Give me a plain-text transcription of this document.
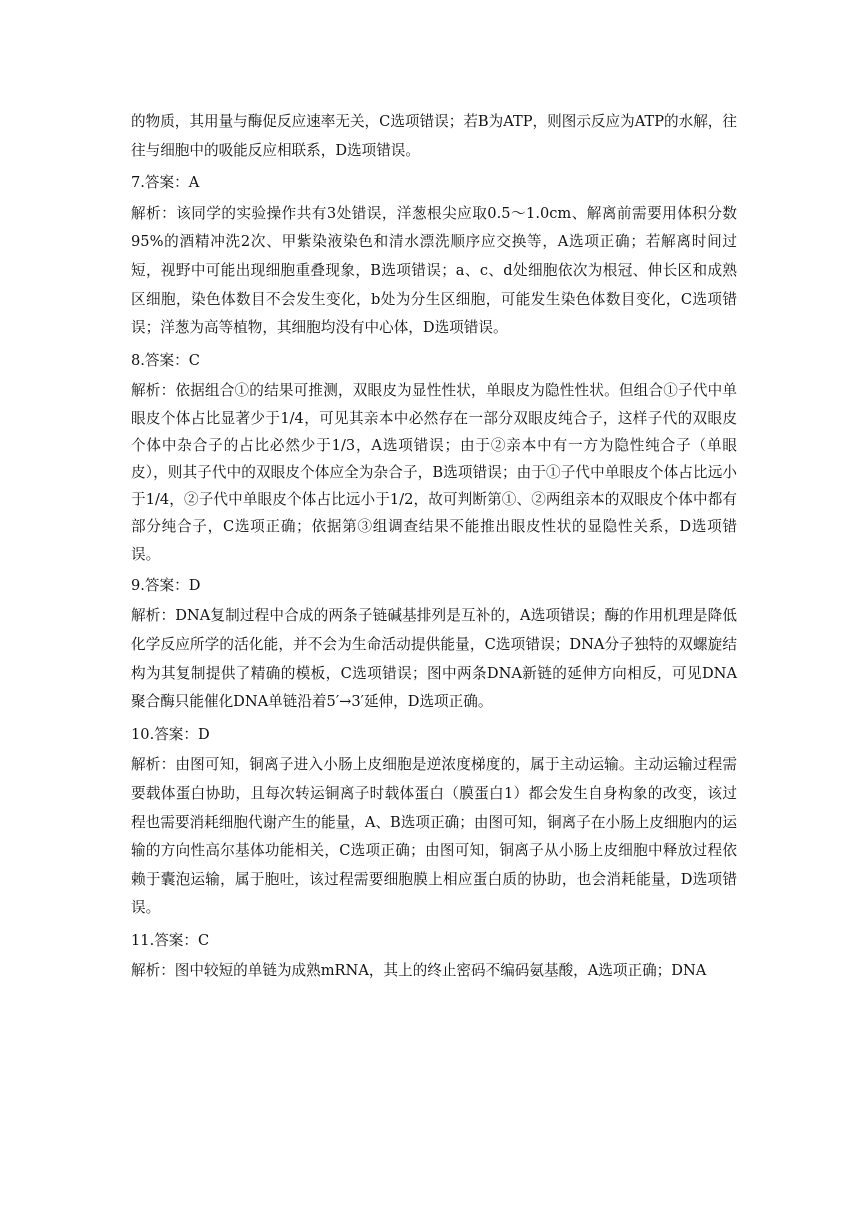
的物质，其用量与酶促反应速率无关，C选项错误；若B为ATP，则图示反应为ATP的水解，往往与细胞中的吸能反应相联系，D选项错误。

7.答案：A

解析：该同学的实验操作共有3处错误，洋葱根尖应取0.5～1.0cm、解离前需要用体积分数95%的酒精冲洗2次、甲紫染液染色和清水漂洗顺序应交换等，A选项正确；若解离时间过短，视野中可能出现细胞重叠现象，B选项错误；a、c、d处细胞依次为根冠、伸长区和成熟区细胞，染色体数目不会发生变化，b处为分生区细胞，可能发生染色体数目变化，C选项错误；洋葱为高等植物，其细胞均没有中心体，D选项错误。

8.答案：C

解析：依据组合①的结果可推测，双眼皮为显性性状，单眼皮为隐性性状。但组合①子代中单眼皮个体占比显著少于1/4，可见其亲本中必然存在一部分双眼皮纯合子，这样子代的双眼皮个体中杂合子的占比必然少于1/3，A选项错误；由于②亲本中有一方为隐性纯合子（单眼皮），则其子代中的双眼皮个体应全为杂合子，B选项错误；由于①子代中单眼皮个体占比远小于1/4，②子代中单眼皮个体占比远小于1/2，故可判断第①、②两组亲本的双眼皮个体中都有部分纯合子，C选项正确；依据第③组调查结果不能推出眼皮性状的显隐性关系，D选项错误。

9.答案：D

解析：DNA复制过程中合成的两条子链碱基排列是互补的，A选项错误；酶的作用机理是降低化学反应所学的活化能，并不会为生命活动提供能量，C选项错误；DNA分子独特的双螺旋结构为其复制提供了精确的模板，C选项错误；图中两条DNA新链的延伸方向相反，可见DNA聚合酶只能催化DNA单链沿着5′→3′延伸，D选项正确。

10.答案：D

解析：由图可知，铜离子进入小肠上皮细胞是逆浓度梯度的，属于主动运输。主动运输过程需要载体蛋白协助，且每次转运铜离子时载体蛋白（膜蛋白1）都会发生自身构象的改变，该过程也需要消耗细胞代谢产生的能量，A、B选项正确；由图可知，铜离子在小肠上皮细胞内的运输的方向性高尔基体功能相关，C选项正确；由图可知，铜离子从小肠上皮细胞中释放过程依赖于囊泡运输，属于胞吐，该过程需要细胞膜上相应蛋白质的协助，也会消耗能量，D选项错误。

11.答案：C

解析：图中较短的单链为成熟mRNA，其上的终止密码不编码氨基酸，A选项正确；DNA
